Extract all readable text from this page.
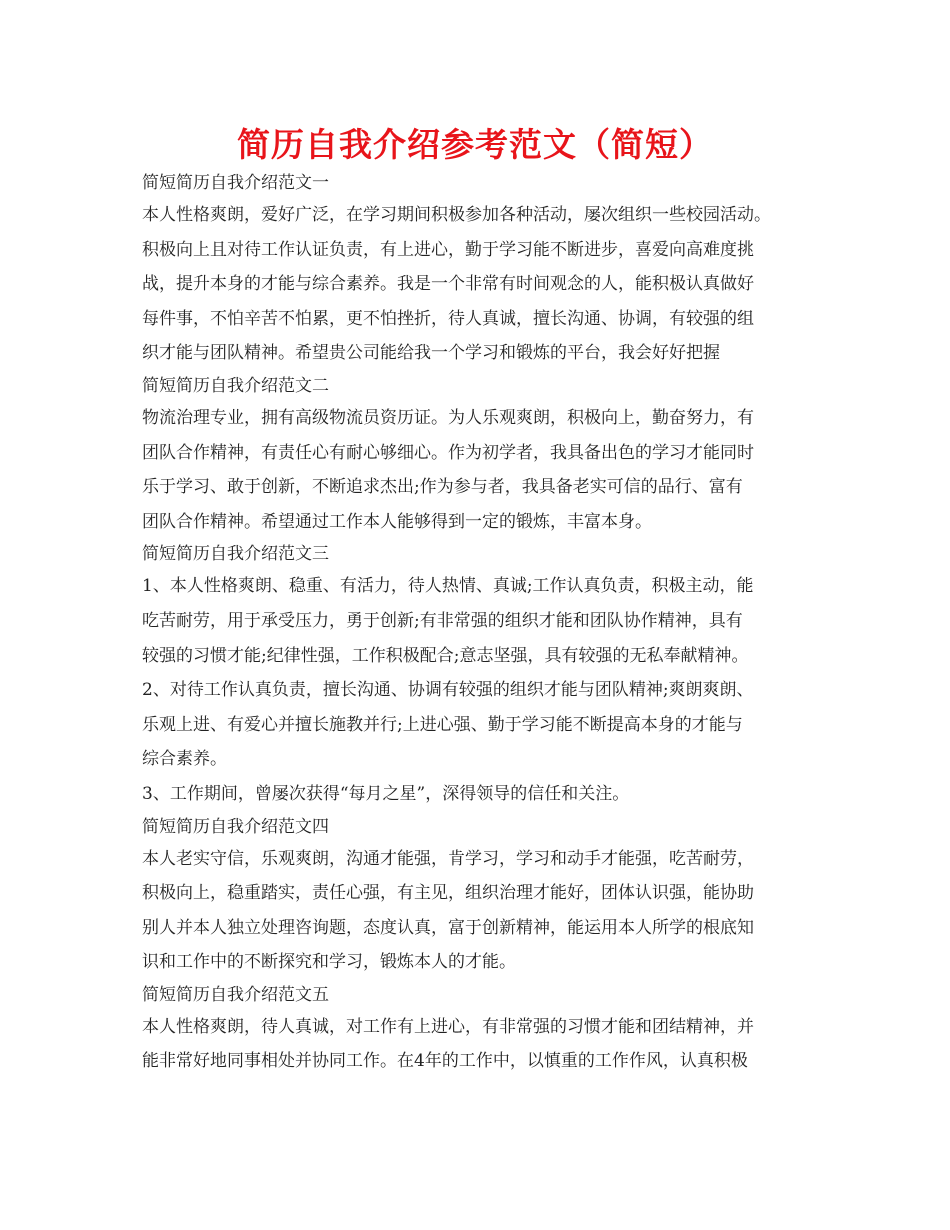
简历自我介绍参考范文（简短）

简短简历自我介绍范文一

本人性格爽朗，爱好广泛，在学习期间积极参加各种活动，屡次组织一些校园活动。

积极向上且对待工作认证负责，有上进心，勤于学习能不断进步，喜爱向高难度挑

战，提升本身的才能与综合素养。我是一个非常有时间观念的人，能积极认真做好

每件事，不怕辛苦不怕累，更不怕挫折，待人真诚，擅长沟通、协调，有较强的组

织才能与团队精神。希望贵公司能给我一个学习和锻炼的平台，我会好好把握

简短简历自我介绍范文二

物流治理专业，拥有高级物流员资历证。为人乐观爽朗，积极向上，勤奋努力，有

团队合作精神，有责任心有耐心够细心。作为初学者，我具备出色的学习才能同时

乐于学习、敢于创新，不断追求杰出;作为参与者，我具备老实可信的品行、富有

团队合作精神。希望通过工作本人能够得到一定的锻炼，丰富本身。

简短简历自我介绍范文三

1、本人性格爽朗、稳重、有活力，待人热情、真诚;工作认真负责，积极主动，能

吃苦耐劳，用于承受压力，勇于创新;有非常强的组织才能和团队协作精神，具有

较强的习惯才能;纪律性强，工作积极配合;意志坚强，具有较强的无私奉献精神。

2、对待工作认真负责，擅长沟通、协调有较强的组织才能与团队精神;爽朗爽朗、

乐观上进、有爱心并擅长施教并行;上进心强、勤于学习能不断提高本身的才能与

综合素养。

3、工作期间，曾屡次获得“每月之星”，深得领导的信任和关注。

简短简历自我介绍范文四

本人老实守信，乐观爽朗，沟通才能强，肯学习，学习和动手才能强，吃苦耐劳，

积极向上，稳重踏实，责任心强，有主见，组织治理才能好，团体认识强，能协助

别人并本人独立处理咨询题，态度认真，富于创新精神，能运用本人所学的根底知

识和工作中的不断探究和学习，锻炼本人的才能。

简短简历自我介绍范文五

本人性格爽朗，待人真诚，对工作有上进心，有非常强的习惯才能和团结精神，并

能非常好地同事相处并协同工作。在4年的工作中，以慎重的工作作风，认真积极
